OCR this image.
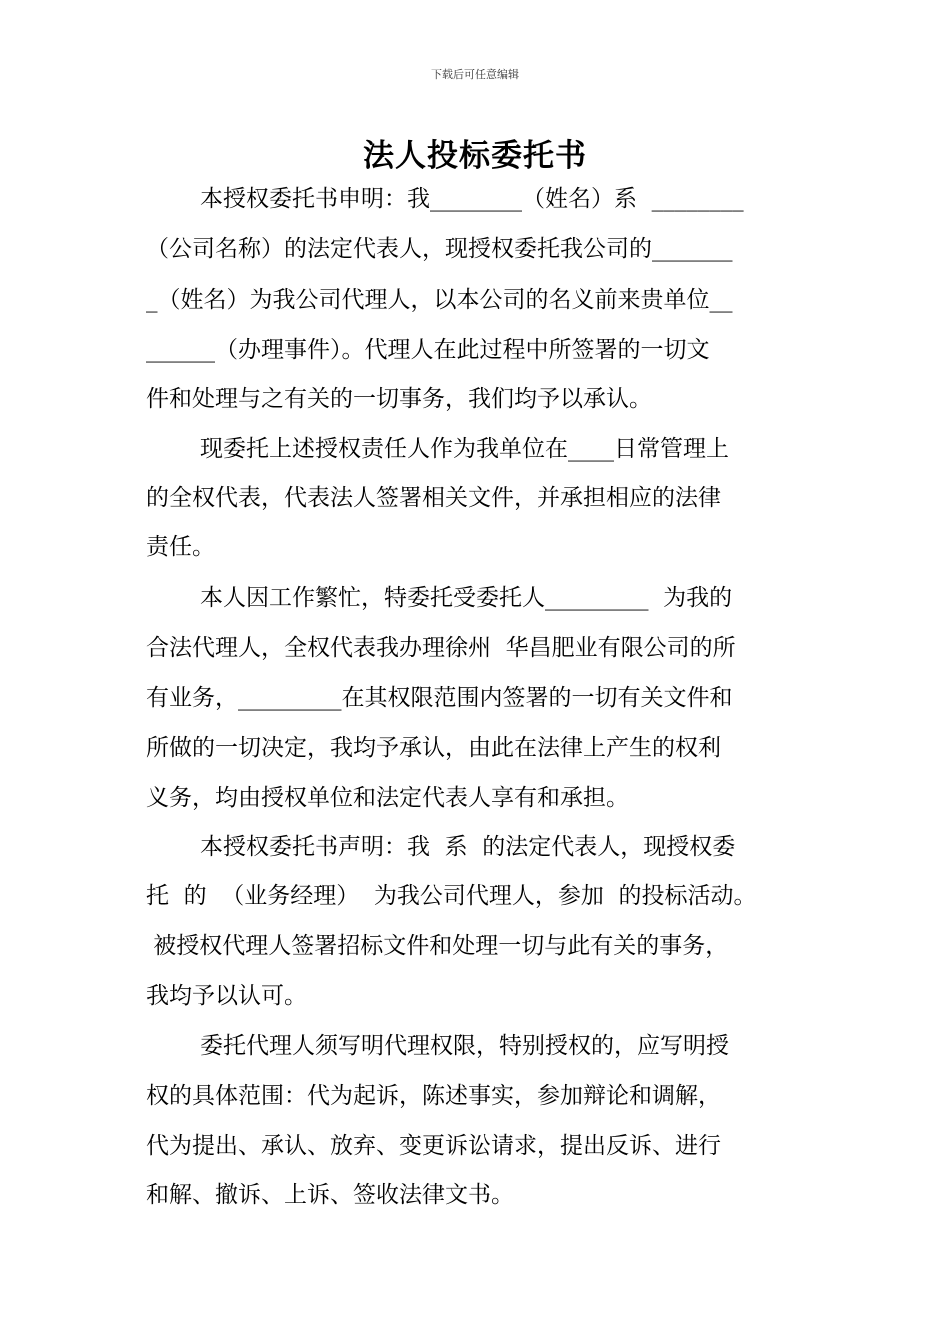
下载后可任意编辑
法人投标委托书
本授权委托书申明：我________（姓名）系  ________
（公司名称）的法定代表人，现授权委托我公司的_______
_（姓名）为我公司代理人，以本公司的名义前来贵单位__
______（办理事件）。代理人在此过程中所签署的一切文
件和处理与之有关的一切事务，我们均予以承认。
现委托上述授权责任人作为我单位在____日常管理上
的全权代表，代表法人签署相关文件，并承担相应的法律
责任。
本人因工作繁忙，特委托受委托人_________  为我的
合法代理人，全权代表我办理徐州  华昌肥业有限公司的所
有业务，_________在其权限范围内签署的一切有关文件和
所做的一切决定，我均予承认，由此在法律上产生的权利
义务，均由授权单位和法定代表人享有和承担。
本授权委托书声明：我  系  的法定代表人，现授权委
托  的  （业务经理）  为我公司代理人，参加  的投标活动。
被授权代理人签署招标文件和处理一切与此有关的事务，
我均予以认可。
委托代理人须写明代理权限，特别授权的，应写明授
权的具体范围：代为起诉，陈述事实，参加辩论和调解，
代为提出、承认、放弃、变更诉讼请求，提出反诉、进行
和解、撤诉、上诉、签收法律文书。
